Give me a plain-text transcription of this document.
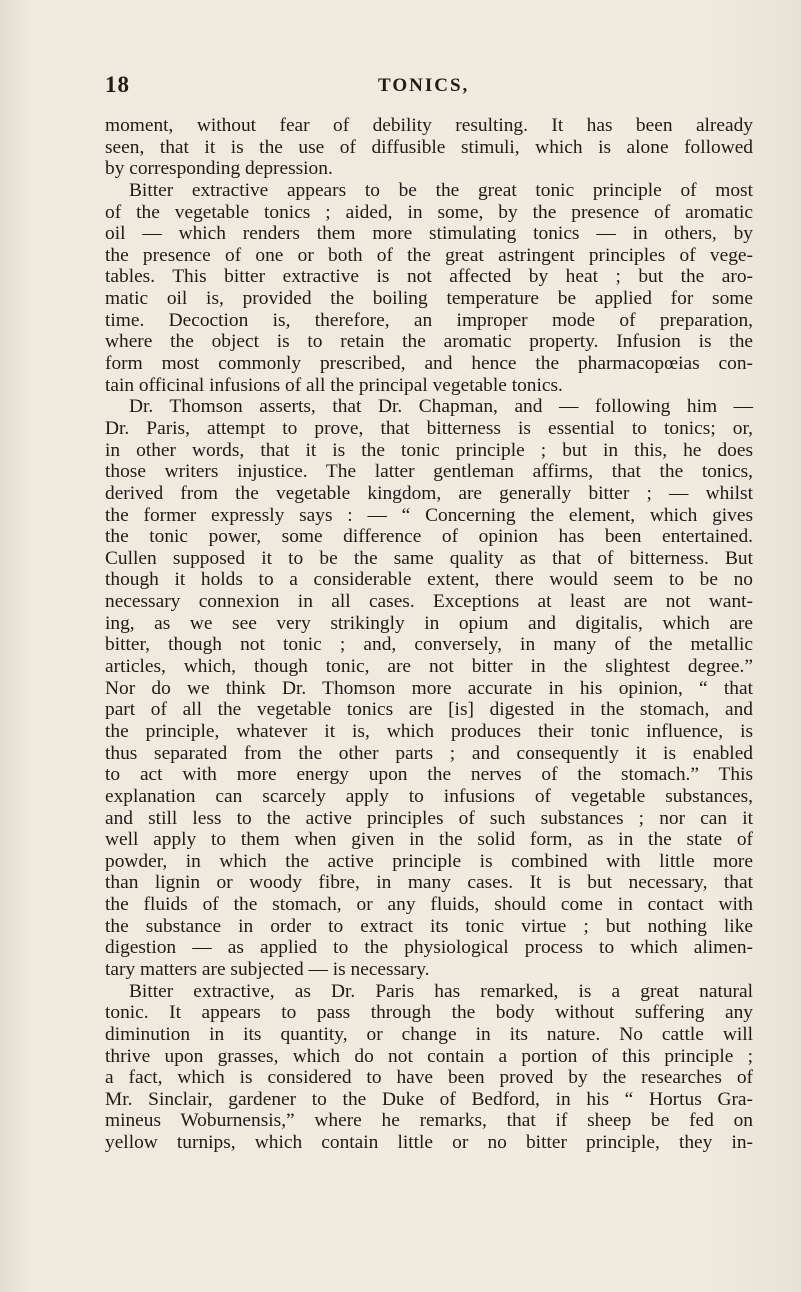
18	TONICS,
moment, without fear of debility resulting. It has been already
seen, that it is the use of diffusible stimuli, which is alone followed
by corresponding depression.
Bitter extractive appears to be the great tonic principle of most
of the vegetable tonics ; aided, in some, by the presence of aromatic
oil — which renders them more stimulating tonics — in others, by
the presence of one or both of the great astringent principles of vege-
tables. This bitter extractive is not affected by heat ; but the aro-
matic oil is, provided the boiling temperature be applied for some
time. Decoction is, therefore, an improper mode of preparation,
where the object is to retain the aromatic property. Infusion is the
form most commonly prescribed, and hence the pharmacopœias con-
tain officinal infusions of all the principal vegetable tonics.
Dr. Thomson asserts, that Dr. Chapman, and — following him —
Dr. Paris, attempt to prove, that bitterness is essential to tonics; or,
in other words, that it is the tonic principle ; but in this, he does
those writers injustice. The latter gentleman affirms, that the tonics,
derived from the vegetable kingdom, are generally bitter ; — whilst
the former expressly says : — “ Concerning the element, which gives
the tonic power, some difference of opinion has been entertained.
Cullen supposed it to be the same quality as that of bitterness. But
though it holds to a considerable extent, there would seem to be no
necessary connexion in all cases. Exceptions at least are not want-
ing, as we see very strikingly in opium and digitalis, which are
bitter, though not tonic ; and, conversely, in many of the metallic
articles, which, though tonic, are not bitter in the slightest degree.”
Nor do we think Dr. Thomson more accurate in his opinion, “ that
part of all the vegetable tonics are [is] digested in the stomach, and
the principle, whatever it is, which produces their tonic influence, is
thus separated from the other parts ; and consequently it is enabled
to act with more energy upon the nerves of the stomach.” This
explanation can scarcely apply to infusions of vegetable substances,
and still less to the active principles of such substances ; nor can it
well apply to them when given in the solid form, as in the state of
powder, in which the active principle is combined with little more
than lignin or woody fibre, in many cases. It is but necessary, that
the fluids of the stomach, or any fluids, should come in contact with
the substance in order to extract its tonic virtue ; but nothing like
digestion — as applied to the physiological process to which alimen-
tary matters are subjected — is necessary.
Bitter extractive, as Dr. Paris has remarked, is a great natural
tonic. It appears to pass through the body without suffering any
diminution in its quantity, or change in its nature. No cattle will
thrive upon grasses, which do not contain a portion of this principle ;
a fact, which is considered to have been proved by the researches of
Mr. Sinclair, gardener to the Duke of Bedford, in his “ Hortus Gra-
mineus Woburnensis,” where he remarks, that if sheep be fed on
yellow turnips, which contain little or no bitter principle, they in-
